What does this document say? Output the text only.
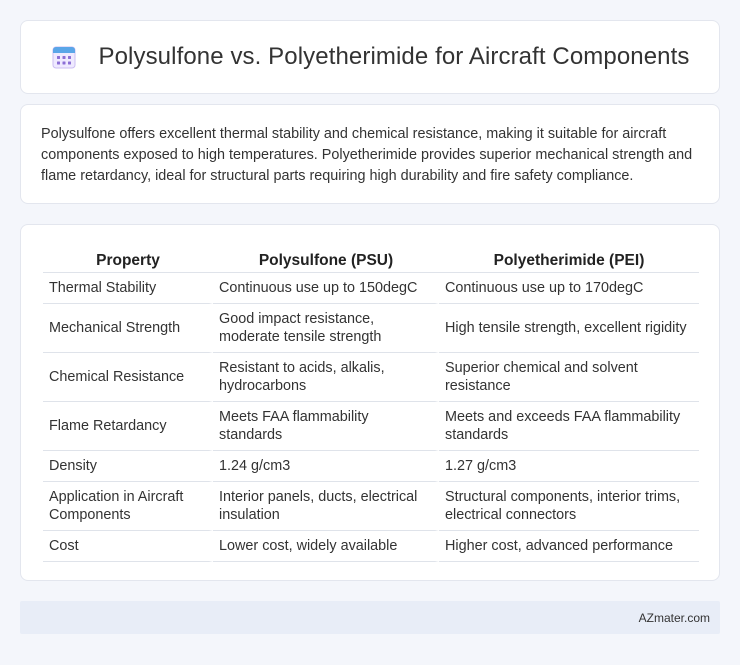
Polysulfone vs. Polyetherimide for Aircraft Components

Polysulfone offers excellent thermal stability and chemical resistance, making it suitable for aircraft components exposed to high temperatures. Polyetherimide provides superior mechanical strength and flame retardancy, ideal for structural parts requiring high durability and fire safety compliance.

Property	Polysulfone (PSU)	Polyetherimide (PEI)
Thermal Stability	Continuous use up to 150degC	Continuous use up to 170degC
Mechanical Strength	Good impact resistance, moderate tensile strength	High tensile strength, excellent rigidity
Chemical Resistance	Resistant to acids, alkalis, hydrocarbons	Superior chemical and solvent resistance
Flame Retardancy	Meets FAA flammability standards	Meets and exceeds FAA flammability standards
Density	1.24 g/cm3	1.27 g/cm3
Application in Aircraft Components	Interior panels, ducts, electrical insulation	Structural components, interior trims, electrical connectors
Cost	Lower cost, widely available	Higher cost, advanced performance
AZmater.com
